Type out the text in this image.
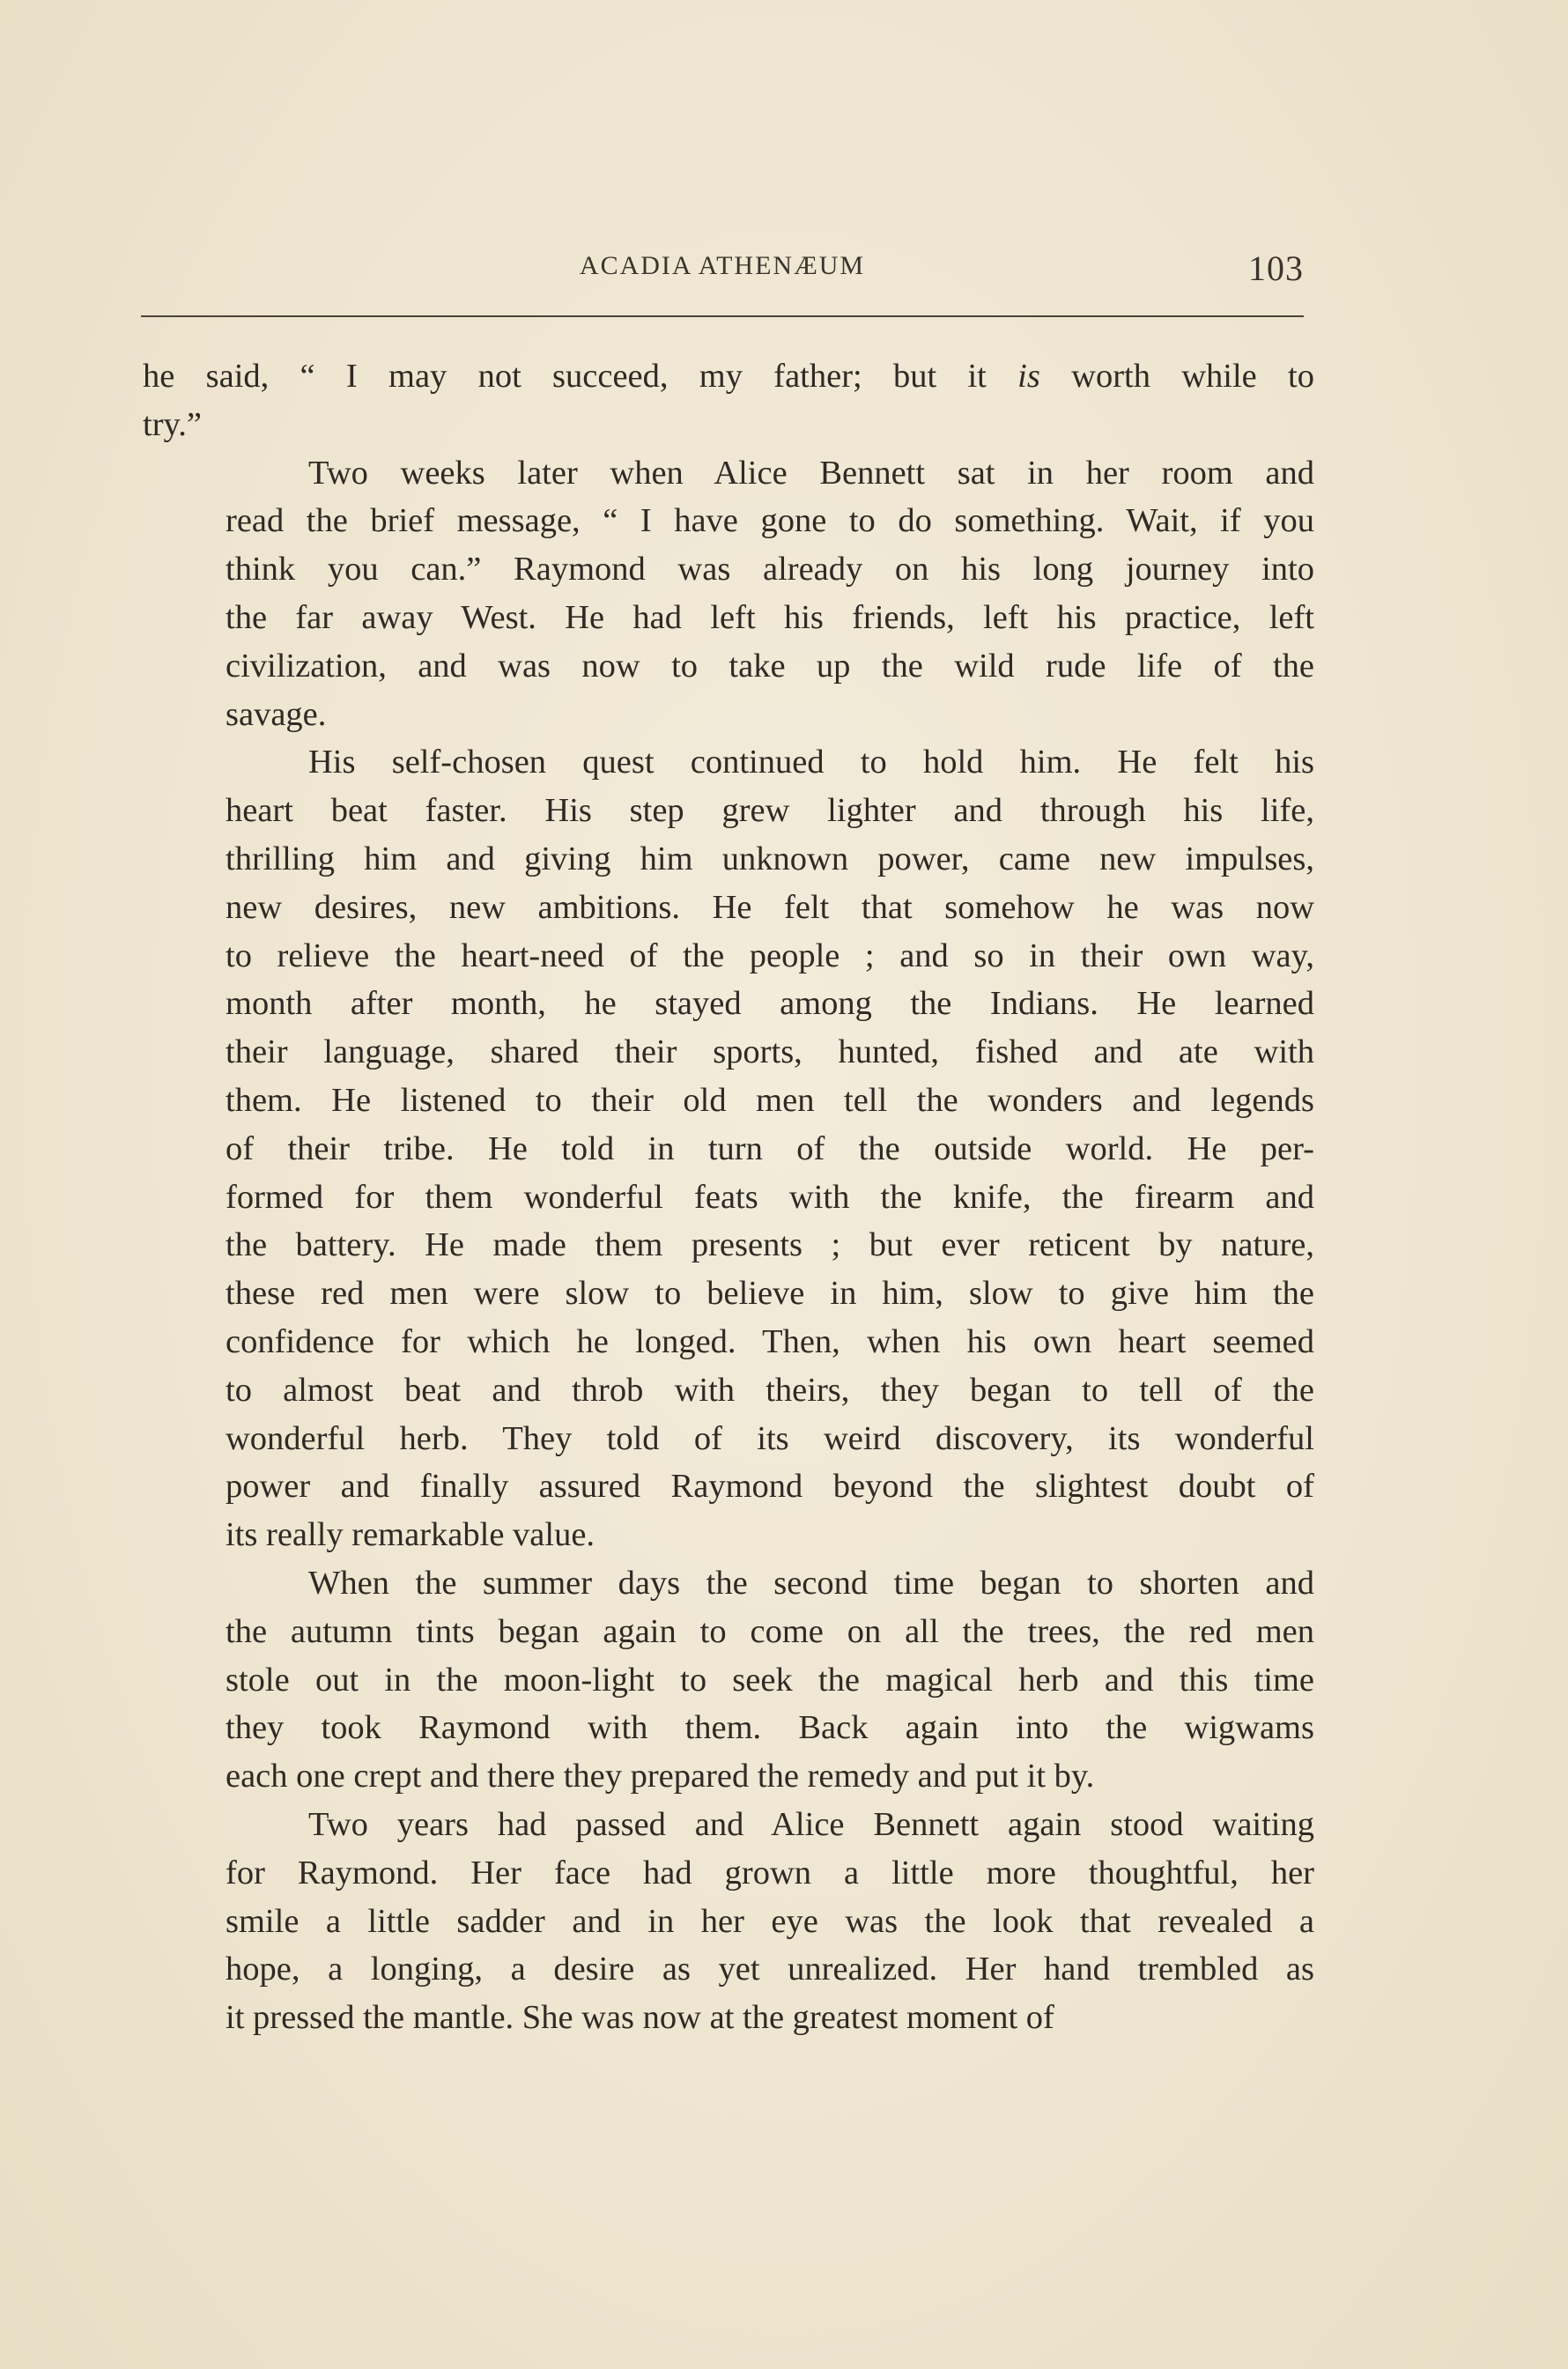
ACADIA ATHENÆUM	103
he said, “ I may not succeed, my father; but it is worth while to
try.”
Two weeks later when Alice Bennett sat in her room and
read the brief message, “ I have gone to do something. Wait, if you
think you can.” Raymond was already on his long journey into
the far away West. He had left his friends, left his practice, left
civilization, and was now to take up the wild rude life of the
savage.
His self-chosen quest continued to hold him. He felt his
heart beat faster. His step grew lighter and through his life,
thrilling him and giving him unknown power, came new impulses,
new desires, new ambitions. He felt that somehow he was now
to relieve the heart-need of the people ; and so in their own way,
month after month, he stayed among the Indians. He learned
their language, shared their sports, hunted, fished and ate with
them. He listened to their old men tell the wonders and legends
of their tribe. He told in turn of the outside world. He per-
formed for them wonderful feats with the knife, the firearm and
the battery. He made them presents ; but ever reticent by nature,
these red men were slow to believe in him, slow to give him the
confidence for which he longed. Then, when his own heart seemed
to almost beat and throb with theirs, they began to tell of the
wonderful herb. They told of its weird discovery, its wonderful
power and finally assured Raymond beyond the slightest doubt of
its really remarkable value.
When the summer days the second time began to shorten and
the autumn tints began again to come on all the trees, the red men
stole out in the moon-light to seek the magical herb and this time
they took Raymond with them. Back again into the wigwams
each one crept and there they prepared the remedy and put it by.
Two years had passed and Alice Bennett again stood waiting
for Raymond. Her face had grown a little more thoughtful, her
smile a little sadder and in her eye was the look that revealed a
hope, a longing, a desire as yet unrealized. Her hand trembled as
it pressed the mantle. She was now at the greatest moment of
